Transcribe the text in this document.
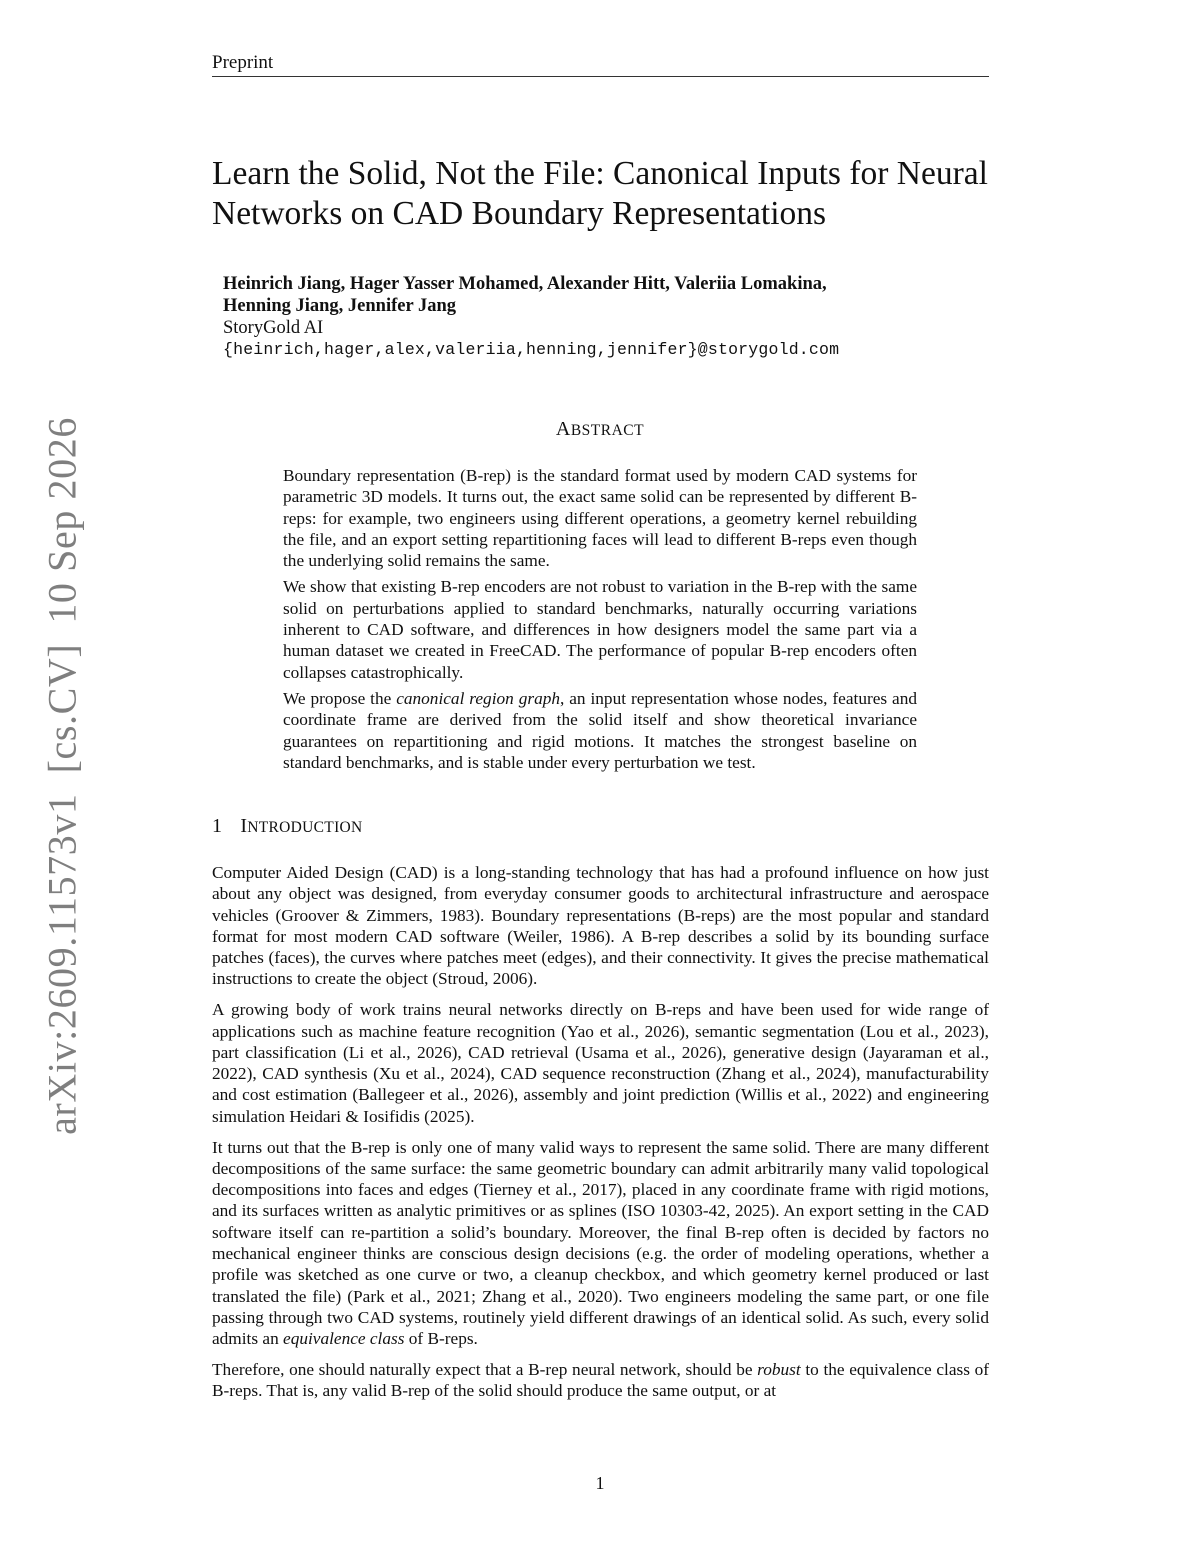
Preprint
Learn the Solid, Not the File: Canonical Inputs for Neural Networks on CAD Boundary Representations
Heinrich Jiang, Hager Yasser Mohamed, Alexander Hitt, Valeriia Lomakina,
Henning Jiang, Jennifer Jang
StoryGold AI
{heinrich,hager,alex,valeriia,henning,jennifer}@storygold.com
ABSTRACT

Boundary representation (B-rep) is the standard format used by modern CAD systems for parametric 3D models. It turns out, the exact same solid can be represented by different B-reps: for example, two engineers using different operations, a geometry kernel rebuilding the file, and an export setting repartitioning faces will lead to different B-reps even though the underlying solid remains the same.

We show that existing B-rep encoders are not robust to variation in the B-rep with the same solid on perturbations applied to standard benchmarks, naturally occurring variations inherent to CAD software, and differences in how designers model the same part via a human dataset we created in FreeCAD. The performance of popular B-rep encoders often collapses catastrophically.

We propose the canonical region graph, an input representation whose nodes, features and coordinate frame are derived from the solid itself and show theoretical invariance guarantees on repartitioning and rigid motions. It matches the strongest baseline on standard benchmarks, and is stable under every perturbation we test.

1 INTRODUCTION

Computer Aided Design (CAD) is a long-standing technology that has had a profound influence on how just about any object was designed, from everyday consumer goods to architectural infrastructure and aerospace vehicles (Groover & Zimmers, 1983). Boundary representations (B-reps) are the most popular and standard format for most modern CAD software (Weiler, 1986). A B-rep describes a solid by its bounding surface patches (faces), the curves where patches meet (edges), and their connectivity. It gives the precise mathematical instructions to create the object (Stroud, 2006).

A growing body of work trains neural networks directly on B-reps and have been used for wide range of applications such as machine feature recognition (Yao et al., 2026), semantic segmentation (Lou et al., 2023), part classification (Li et al., 2026), CAD retrieval (Usama et al., 2026), generative design (Jayaraman et al., 2022), CAD synthesis (Xu et al., 2024), CAD sequence reconstruction (Zhang et al., 2024), manufacturability and cost estimation (Ballegeer et al., 2026), assembly and joint prediction (Willis et al., 2022) and engineering simulation Heidari & Iosifidis (2025).

It turns out that the B-rep is only one of many valid ways to represent the same solid. There are many different decompositions of the same surface: the same geometric boundary can admit arbitrarily many valid topological decompositions into faces and edges (Tierney et al., 2017), placed in any coordinate frame with rigid motions, and its surfaces written as analytic primitives or as splines (ISO 10303-42, 2025). An export setting in the CAD software itself can re-partition a solid’s boundary. Moreover, the final B-rep often is decided by factors no mechanical engineer thinks are conscious design decisions (e.g. the order of modeling operations, whether a profile was sketched as one curve or two, a cleanup checkbox, and which geometry kernel produced or last translated the file) (Park et al., 2021; Zhang et al., 2020). Two engineers modeling the same part, or one file passing through two CAD systems, routinely yield different drawings of an identical solid. As such, every solid admits an equivalence class of B-reps.

Therefore, one should naturally expect that a B-rep neural network, should be robust to the equivalence class of B-reps. That is, any valid B-rep of the solid should produce the same output, or at

1
arXiv:2609.11573v1[cs.CV]10 Sep 2026
